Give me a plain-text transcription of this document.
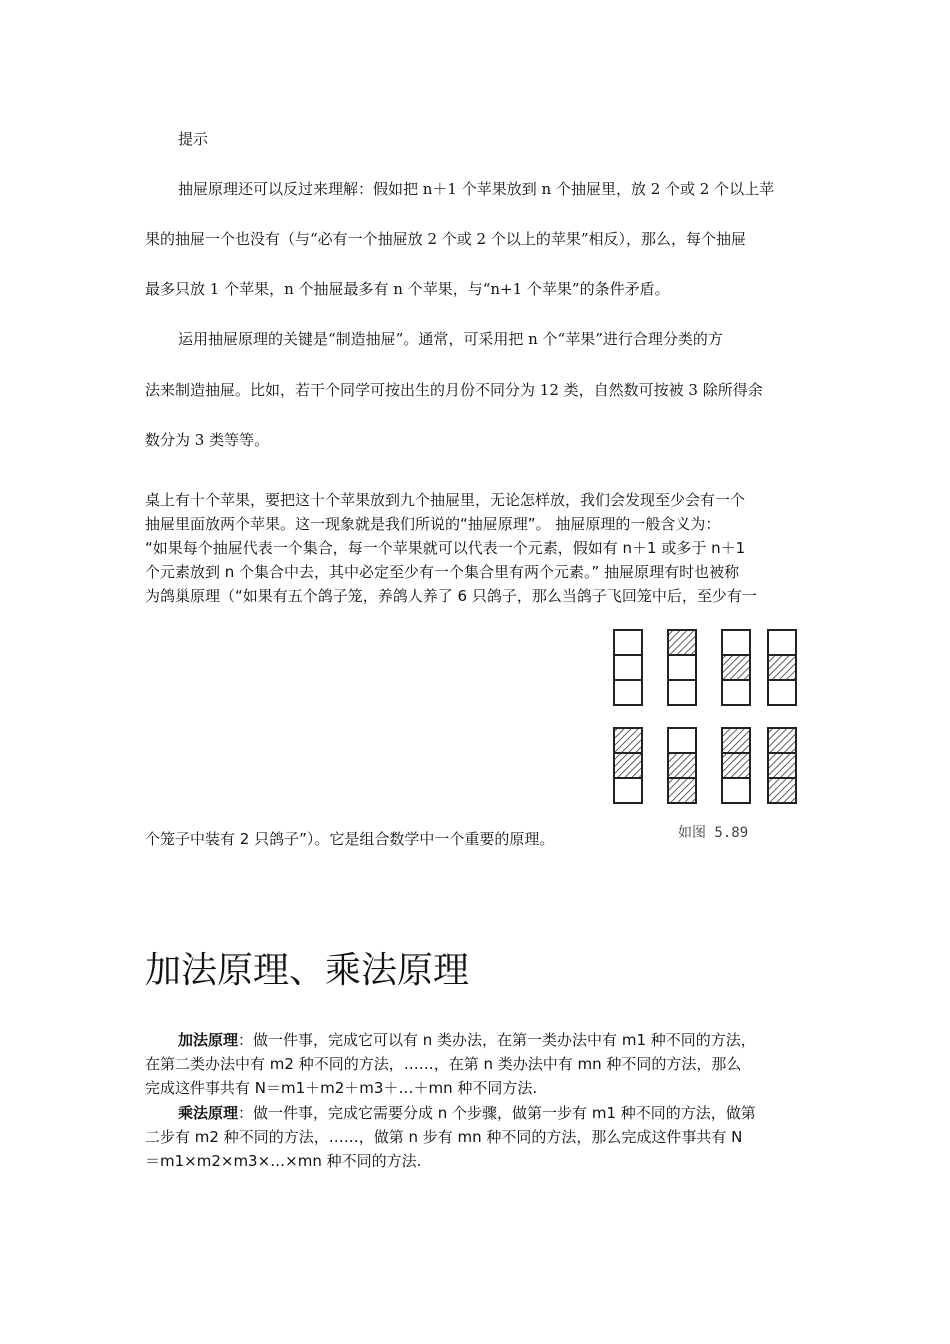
提示

抽屉原理还可以反过来理解：假如把 n＋1 个苹果放到 n 个抽屉里，放 2 个或 2 个以上苹

果的抽屉一个也没有（与“必有一个抽屉放 2 个或 2 个以上的苹果”相反），那么，每个抽屉

最多只放 1 个苹果，n 个抽屉最多有 n 个苹果，与“n+1 个苹果”的条件矛盾。

运用抽屉原理的关键是“制造抽屉”。通常，可采用把 n 个“苹果”进行合理分类的方

法来制造抽屉。比如，若干个同学可按出生的月份不同分为 12 类，自然数可按被 3 除所得余

数分为 3 类等等。

桌上有十个苹果，要把这十个苹果放到九个抽屉里，无论怎样放，我们会发现至少会有一个
抽屉里面放两个苹果。这一现象就是我们所说的“抽屉原理”。 抽屉原理的一般含义为：
“如果每个抽屉代表一个集合，每一个苹果就可以代表一个元素，假如有 n＋1 或多于 n＋1
个元素放到 n 个集合中去，其中必定至少有一个集合里有两个元素。” 抽屉原理有时也被称
为鸽巢原理（“如果有五个鸽子笼，养鸽人养了 6 只鸽子，那么当鸽子飞回笼中后，至少有一

个笼子中装有 2 只鸽子”）。它是组合数学中一个重要的原理。	如图 5.89
加法原理、乘法原理
加法原理：做一件事，完成它可以有 n 类办法，在第一类办法中有 m1 种不同的方法，
在第二类办法中有 m2 种不同的方法，……，在第 n 类办法中有 mn 种不同的方法，那么
完成这件事共有 N＝m1＋m2＋m3＋…＋mn 种不同方法.
乘法原理：做一件事，完成它需要分成 n 个步骤，做第一步有 m1 种不同的方法，做第
二步有 m2 种不同的方法，……，做第 n 步有 mn 种不同的方法，那么完成这件事共有 N
＝m1×m2×m3×…×mn 种不同的方法.
